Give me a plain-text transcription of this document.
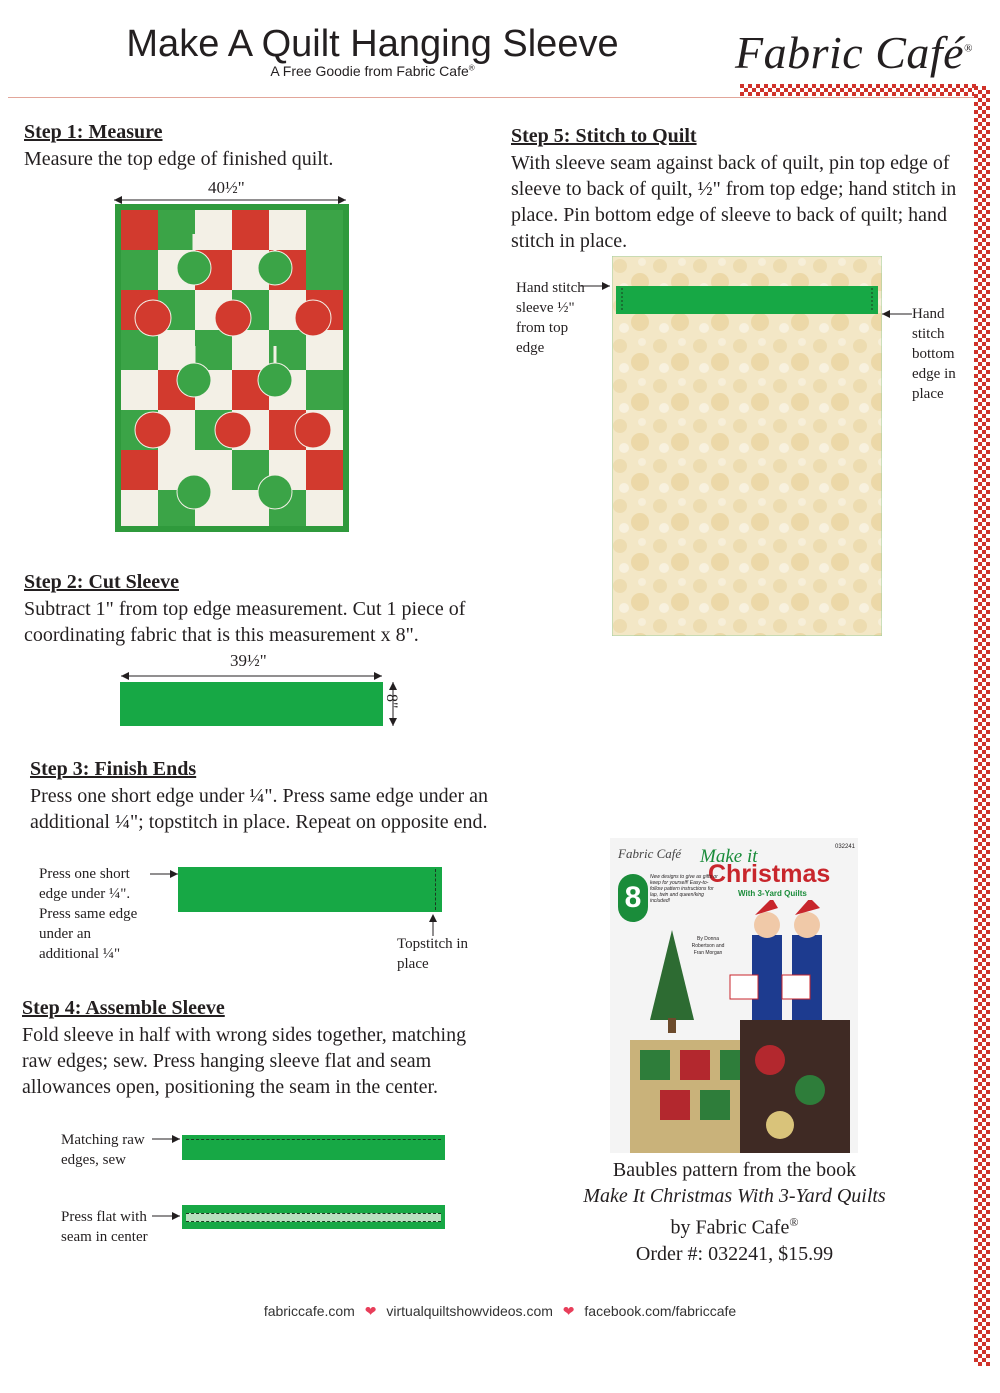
Make A Quilt Hanging Sleeve
A Free Goodie from Fabric Cafe®	Fabric Café®
Step 1: Measure

Measure the top edge of finished quilt.

40½"
Step 2: Cut Sleeve

Subtract 1" from top edge measurement. Cut 1 piece of coordinating fabric that is this measurement x 8".

39½"
8"
Step 3: Finish Ends

Press one short edge under ¼". Press same edge under an additional ¼"; topstitch in place. Repeat on opposite end.

Press one short edge under ¼". Press same edge under an additional ¼"
Topstitch in place
Step 4: Assemble Sleeve

Fold sleeve in half with wrong sides together, matching raw edges; sew. Press hanging sleeve flat and seam allowances open, positioning the seam in the center.

Matching raw edges, sew
Press flat with seam in center
Step 5: Stitch to Quilt

With sleeve seam against back of quilt, pin top edge of sleeve to back of quilt, ½" from top edge; hand stitch in place. Pin bottom edge of sleeve to back of quilt; hand stitch in place.

Hand stitch sleeve ½" from top edge
Hand stitch bottom edge in place
Fabric Café	032241
Make it
Christmas
With 3-Yard Quilts
8
New designs to give as gifts or keep for yourself! Easy-to-follow pattern instructions for lap, twin and queen/king included!
By Donna Robertson and Fran Morgan
Baubles pattern from the book
Make It Christmas With 3-Yard Quilts
by Fabric Cafe®
Order #: 032241, $15.99
fabriccafe.com ❤ virtualquiltshowvideos.com ❤ facebook.com/fabriccafe
